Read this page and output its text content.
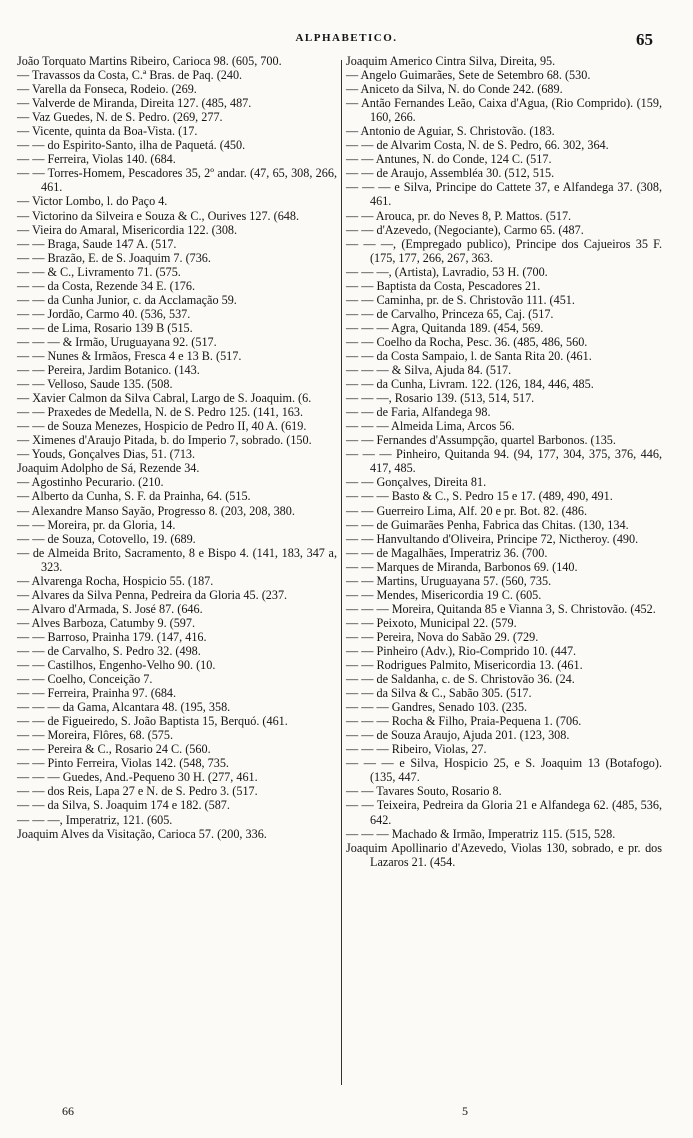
ALPHABETICO.	65

João Torquato Martins Ribeiro, Carioca 98. (605, 700.

— Travassos da Costa, C.ª Bras. de Paq. (240.

— Varella da Fonseca, Rodeio. (269.

— Valverde de Miranda, Direita 127. (485, 487.

— Vaz Guedes, N. de S. Pedro. (269, 277.

— Vicente, quinta da Boa-Vista. (17.

— — do Espirito-Santo, ilha de Paquetá. (450.

— — Ferreira, Violas 140. (684.

— — Torres-Homem, Pescadores 35, 2º andar. (47, 65, 308, 266, 461.

— Victor Lombo, l. do Paço 4.

— Victorino da Silveira e Souza & C., Ourives 127. (648.

— Vieira do Amaral, Misericordia 122. (308.

— — Braga, Saude 147 A. (517.

— — Brazão, E. de S. Joaquim 7. (736.

— — & C., Livramento 71. (575.

— — da Costa, Rezende 34 E. (176.

— — da Cunha Junior, c. da Acclamação 59.

— — Jordão, Carmo 40. (536, 537.

— — de Lima, Rosario 139 B (515.

— — — & Irmão, Uruguayana 92. (517.

— — Nunes & Irmãos, Fresca 4 e 13 B. (517.

— — Pereira, Jardim Botanico. (143.

— — Velloso, Saude 135. (508.

— Xavier Calmon da Silva Cabral, Largo de S. Joaquim. (6.

— — Praxedes de Medella, N. de S. Pedro 125. (141, 163.

— — de Souza Menezes, Hospicio de Pedro II, 40 A. (619.

— Ximenes d'Araujo Pitada, b. do Imperio 7, sobrado. (150.

— Youds, Gonçalves Dias, 51. (713.

Joaquim Adolpho de Sá, Rezende 34.

— Agostinho Pecurario. (210.

— Alberto da Cunha, S. F. da Prainha, 64. (515.

— Alexandre Manso Sayão, Progresso 8. (203, 208, 380.

— — Moreira, pr. da Gloria, 14.

— — de Souza, Cotovello, 19. (689.

— de Almeida Brito, Sacramento, 8 e Bispo 4. (141, 183, 347 a, 323.

— Alvarenga Rocha, Hospicio 55. (187.

— Alvares da Silva Penna, Pedreira da Gloria 45. (237.

— Alvaro d'Armada, S. José 87. (646.

— Alves Barboza, Catumby 9. (597.

— — Barroso, Prainha 179. (147, 416.

— — de Carvalho, S. Pedro 32. (498.

— — Castilhos, Engenho-Velho 90. (10.

— — Coelho, Conceição 7.

— — Ferreira, Prainha 97. (684.

— — — da Gama, Alcantara 48. (195, 358.

— — de Figueiredo, S. João Baptista 15, Berquó. (461.

— — Moreira, Flôres, 68. (575.

— — Pereira & C., Rosario 24 C. (560.

— — Pinto Ferreira, Violas 142. (548, 735.

— — — Guedes, And.-Pequeno 30 H. (277, 461.

— — dos Reis, Lapa 27 e N. de S. Pedro 3. (517.

— — da Silva, S. Joaquim 174 e 182. (587.

— — —, Imperatriz, 121. (605.

Joaquim Alves da Visitação, Carioca 57. (200, 336.

Joaquim Americo Cintra Silva, Direita, 95.

— Angelo Guimarães, Sete de Setembro 68. (530.

— Aniceto da Silva, N. do Conde 242. (689.

— Antão Fernandes Leão, Caixa d'Agua, (Rio Comprido). (159, 160, 266.

— Antonio de Aguiar, S. Christovão. (183.

— — de Alvarim Costa, N. de S. Pedro, 66. 302, 364.

— — Antunes, N. do Conde, 124 C. (517.

— — de Araujo, Assembléa 30. (512, 515.

— — — e Silva, Principe do Cattete 37, e Alfandega 37. (308, 461.

— — Arouca, pr. do Neves 8, P. Mattos. (517.

— — d'Azevedo, (Negociante), Carmo 65. (487.

— — —, (Empregado publico), Principe dos Cajueiros 35 F. (175, 177, 266, 267, 363.

— — —, (Artista), Lavradio, 53 H. (700.

— — Baptista da Costa, Pescadores 21.

— — Caminha, pr. de S. Christovão 111. (451.

— — de Carvalho, Princeza 65, Caj. (517.

— — — Agra, Quitanda 189. (454, 569.

— — Coelho da Rocha, Pesc. 36. (485, 486, 560.

— — da Costa Sampaio, l. de Santa Rita 20. (461.

— — — & Silva, Ajuda 84. (517.

— — da Cunha, Livram. 122. (126, 184, 446, 485.

— — —, Rosario 139. (513, 514, 517.

— — de Faria, Alfandega 98.

— — — Almeida Lima, Arcos 56.

— — Fernandes d'Assumpção, quartel Barbonos. (135.

— — — Pinheiro, Quitanda 94. (94, 177, 304, 375, 376, 446, 417, 485.

— — Gonçalves, Direita 81.

— — — Basto & C., S. Pedro 15 e 17. (489, 490, 491.

— — Guerreiro Lima, Alf. 20 e pr. Bot. 82. (486.

— — de Guimarães Penha, Fabrica das Chitas. (130, 134.

— — Hanvultando d'Oliveira, Principe 72, Nictheroy. (490.

— — de Magalhães, Imperatriz 36. (700.

— — Marques de Miranda, Barbonos 69. (140.

— — Martins, Uruguayana 57. (560, 735.

— — Mendes, Misericordia 19 C. (605.

— — — Moreira, Quitanda 85 e Vianna 3, S. Christovão. (452.

— — Peixoto, Municipal 22. (579.

— — Pereira, Nova do Sabão 29. (729.

— — Pinheiro (Adv.), Rio-Comprido 10. (447.

— — Rodrigues Palmito, Misericordia 13. (461.

— — de Saldanha, c. de S. Christovão 36. (24.

— — da Silva & C., Sabão 305. (517.

— — — Gandres, Senado 103. (235.

— — — Rocha & Filho, Praia-Pequena 1. (706.

— — de Souza Araujo, Ajuda 201. (123, 308.

— — — Ribeiro, Violas, 27.

— — — e Silva, Hospicio 25, e S. Joaquim 13 (Botafogo). (135, 447.

— — Tavares Souto, Rosario 8.

— — Teixeira, Pedreira da Gloria 21 e Alfandega 62. (485, 536, 642.

— — — Machado & Irmão, Imperatriz 115. (515, 528.

Joaquim Apollinario d'Azevedo, Violas 130, sobrado, e pr. dos Lazaros 21. (454.

66	5
